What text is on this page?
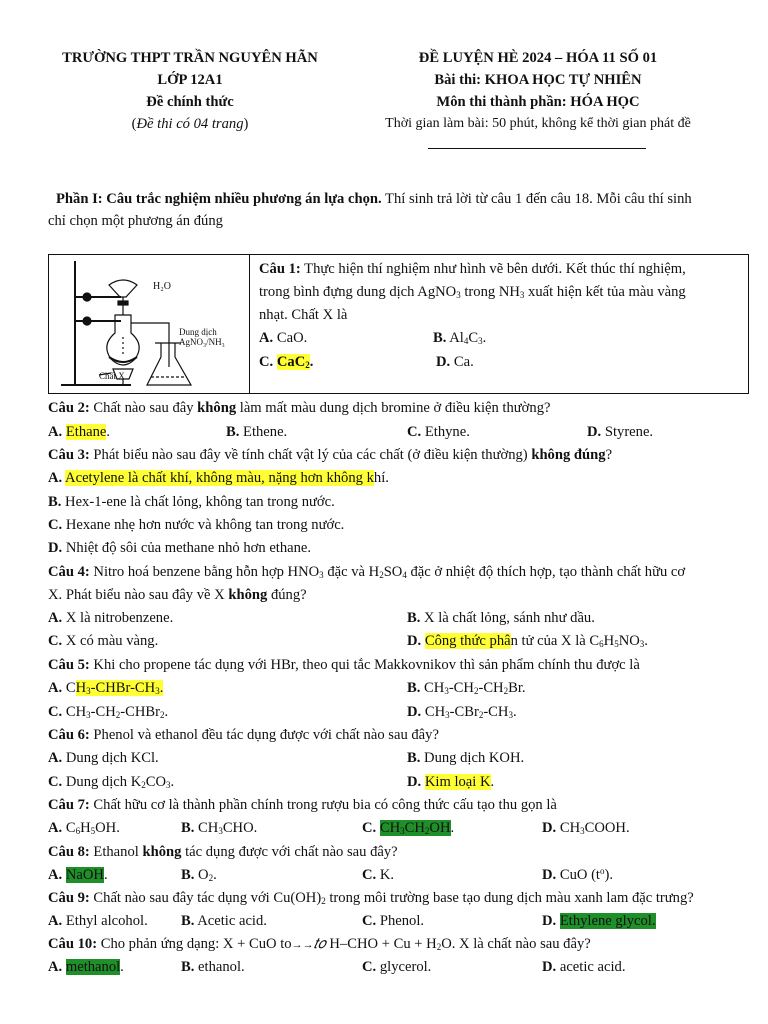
TRƯỜNG THPT TRẦN NGUYÊN HÃN
LỚP 12A1
Đề chính thức
(Đề thi có 04 trang)
ĐỀ LUYỆN HÈ 2024 – HÓA 11 SỐ 01
Bài thi: KHOA HỌC TỰ NHIÊN
Môn thi thành phần: HÓA HỌC
Thời gian làm bài: 50 phút, không kể thời gian phát đề
Phần I: Câu trắc nghiệm nhiều phương án lựa chọn. Thí sinh trả lời từ câu 1 đến câu 18. Mỗi câu thí sinh
chỉ chọn một phương án đúng
H₂O
Dung dịch
AgNO₃/NH₃
Chất X
Câu 1: Thực hiện thí nghiệm như hình vẽ bên dưới. Kết thúc thí nghiệm,
trong bình đựng dung dịch AgNO$_3$ trong $NH_3$ xuất hiện kết tủa màu vàng
nhạt. Chất X là
A. CaO.	B. $Al_4C_3$.
C. CaC$_2$.	D. Ca.
Câu 2: Chất nào sau đây không làm mất màu dung dịch bromine ở điều kiện thường?
A. Ethane.	B. Ethene.	C. Ethyne.	D. Styrene.
Câu 3: Phát biểu nào sau đây về tính chất vật lý của các chất (ở điều kiện thường) không đúng?
A. Acetylene là chất khí, không màu, nặng hơn không khí.
B. Hex-1-ene là chất lỏng, không tan trong nước.
C. Hexane nhẹ hơn nước và không tan trong nước.
D. Nhiệt độ sôi của methane nhỏ hơn ethane.
Câu 4: Nitro hoá benzene bằng hỗn hợp $HNO_3$ đặc và $H_2SO_4$ đặc ở nhiệt độ thích hợp, tạo thành chất hữu cơ
X. Phát biểu nào sau đây về X không đúng?
A. X là nitrobenzene.	B. X là chất lỏng, sánh như dầu.
C. X có màu vàng.	D. Công thức phân tử của X là $C_6H_5NO_3$.
Câu 5: Khi cho propene tác dụng với HBr, theo qui tắc Makkovnikov thì sản phẩm chính thu được là
A. $CH_3-CHBr-CH_3$.	B. $CH_3-CH_2-CH_2Br$.
C. $CH_3-CH_2-CHBr_2$.	D. $CH_3-CBr_2-CH_3$.
Câu 6: Phenol và ethanol đều tác dụng được với chất nào sau đây?
A. Dung dịch KCl.	B. Dung dịch KOH.
C. Dung dịch $K_2CO_3$.	D. Kim loại K.
Câu 7: Chất hữu cơ là thành phần chính trong rượu bia có công thức cấu tạo thu gọn là
A. $C_6H_5OH$.	B. $CH_3CHO$.	C. $CH_3CH_2OH$.	D. $CH_3COOH$.
Câu 8: Ethanol không tác dụng được với chất nào sau đây?
A. NaOH.	B. $O_2$.	C. K.	D. CuO $(t^o)$.
Câu 9: Chất nào sau đây tác dụng với $Cu(OH)_2$ trong môi trường base tạo dung dịch màu xanh lam đặc trưng?
A. Ethyl alcohol. B. Acetic acid.	C. Phenol.	D. Ethylene glycol.
Câu 10: Cho phản ứng dạng: X + CuO to→→𝑡𝑜 $H-CHO + Cu + H_2O$. X là chất nào sau đây?
A. methanol.	B. ethanol.	C. glycerol.	D. acetic acid.
